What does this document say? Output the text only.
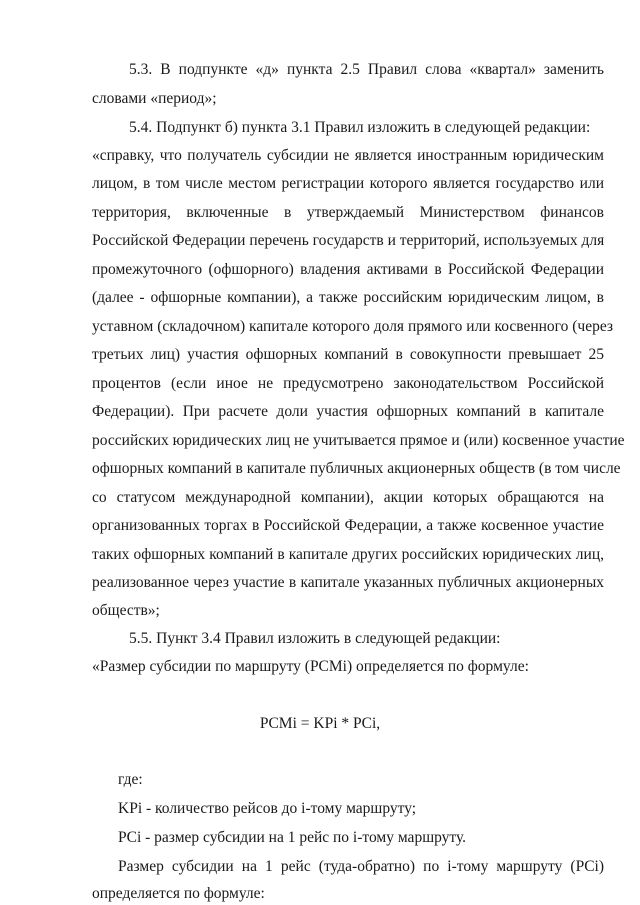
5.3. В подпункте «д» пункта 2.5 Правил слова «квартал» заменить
словами «период»;
5.4. Подпункт б) пункта 3.1 Правил изложить в следующей редакции:
«справку, что получатель субсидии не является иностранным юридическим
лицом, в том числе местом регистрации которого является государство или
территория, включенные в утверждаемый Министерством финансов
Российской Федерации перечень государств и территорий, используемых для
промежуточного (офшорного) владения активами в Российской Федерации
(далее - офшорные компании), а также российским юридическим лицом, в
уставном (складочном) капитале которого доля прямого или косвенного (через
третьих лиц) участия офшорных компаний в совокупности превышает 25
процентов (если иное не предусмотрено законодательством Российской
Федерации). При расчете доли участия офшорных компаний в капитале
российских юридических лиц не учитывается прямое и (или) косвенное участие
офшорных компаний в капитале публичных акционерных обществ (в том числе
со статусом международной компании), акции которых обращаются на
организованных торгах в Российской Федерации, а также косвенное участие
таких офшорных компаний в капитале других российских юридических лиц,
реализованное через участие в капитале указанных публичных акционерных
обществ»;
5.5. Пункт 3.4 Правил изложить в следующей редакции:
«Размер субсидии по маршруту (PCMi) определяется по формуле:
PCMi = KPi * PCi,
где:
KPi - количество рейсов до i-тому маршруту;
PCi - размер субсидии на 1 рейс по i-тому маршруту.
Размер субсидии на 1 рейс (туда-обратно) по i-тому маршруту (PCi)
определяется по формуле:
